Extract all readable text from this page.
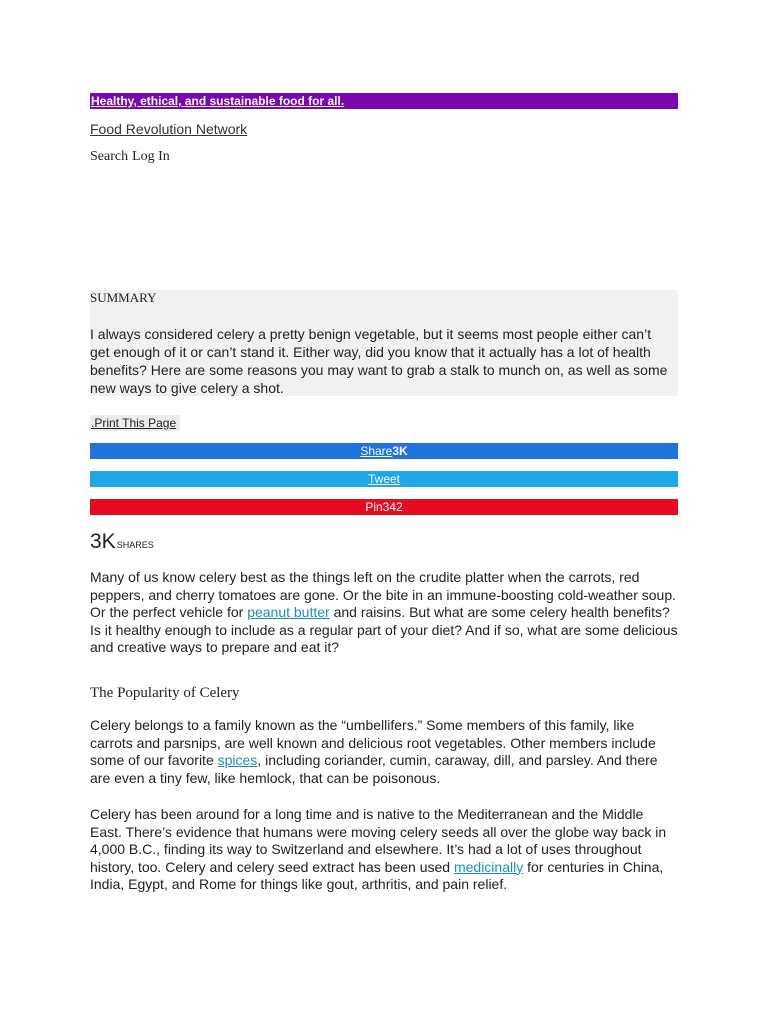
Healthy, ethical, and sustainable food for all.
Food Revolution Network
Search Log In
SUMMARY
I always considered celery a pretty benign vegetable, but it seems most people either can’t get enough of it or can’t stand it. Either way, did you know that it actually has a lot of health benefits? Here are some reasons you may want to grab a stalk to munch on, as well as some new ways to give celery a shot.
.Print This Page
Share3K
Tweet
Pin342
3KSHARES
Many of us know celery best as the things left on the crudite platter when the carrots, red peppers, and cherry tomatoes are gone. Or the bite in an immune-boosting cold-weather soup. Or the perfect vehicle for peanut butter and raisins. But what are some celery health benefits? Is it healthy enough to include as a regular part of your diet? And if so, what are some delicious and creative ways to prepare and eat it?
The Popularity of Celery
Celery belongs to a family known as the “umbellifers.” Some members of this family, like carrots and parsnips, are well known and delicious root vegetables. Other members include some of our favorite spices, including coriander, cumin, caraway, dill, and parsley. And there are even a tiny few, like hemlock, that can be poisonous.
Celery has been around for a long time and is native to the Mediterranean and the Middle East. There’s evidence that humans were moving celery seeds all over the globe way back in 4,000 B.C., finding its way to Switzerland and elsewhere. It’s had a lot of uses throughout history, too. Celery and celery seed extract has been used medicinally for centuries in China, India, Egypt, and Rome for things like gout, arthritis, and pain relief.
